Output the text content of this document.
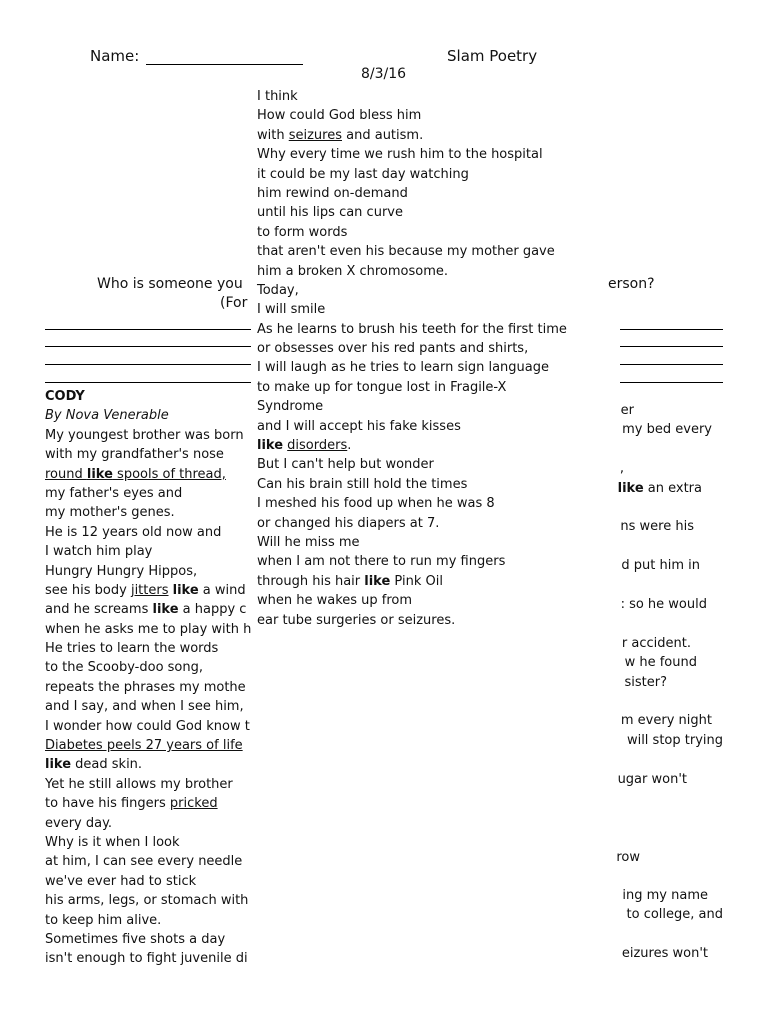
Name:	Slam Poetry
8/3/16
Who is someone you
(For
erson?
CODY
By Nova Venerable
My youngest brother was born
with my grandfather's nose
round like spools of thread,
my father's eyes and
my mother's genes.
He is 12 years old now and
I watch him play
Hungry Hungry Hippos,
see his body jitters like a wind
and he screams like a happy c
when he asks me to play with h
He tries to learn the words
to the Scooby-doo song,
repeats the phrases my mothe
and I say, and when I see him,
I wonder how could God know t
Diabetes peels 27 years of life
like dead skin.
Yet he still allows my brother
to have his fingers pricked
every day.
Why is it when I look
at him, I can see every needle
we've ever had to stick
his arms, legs, or stomach with
to keep him alive.
Sometimes five shots a day
isn't enough to fight juvenile di
er
my bed every
,
like an extra
ns were his
d put him in
: so he would
r accident.
w he found
sister?
m every night
will stop trying
ugar won't
row
ing my name
to college, and
eizures won't
I think
How could God bless him
with seizures and autism.
Why every time we rush him to the hospital
it could be my last day watching
him rewind on-demand
until his lips can curve
to form words
that aren't even his because my mother gave
him a broken X chromosome.
Today,
I will smile
As he learns to brush his teeth for the first time
or obsesses over his red pants and shirts,
I will laugh as he tries to learn sign language
to make up for tongue lost in Fragile-X
Syndrome
and I will accept his fake kisses
like disorders.
But I can't help but wonder
Can his brain still hold the times
I meshed his food up when he was 8
or changed his diapers at 7.
Will he miss me
when I am not there to run my fingers
through his hair like Pink Oil
when he wakes up from
ear tube surgeries or seizures.
